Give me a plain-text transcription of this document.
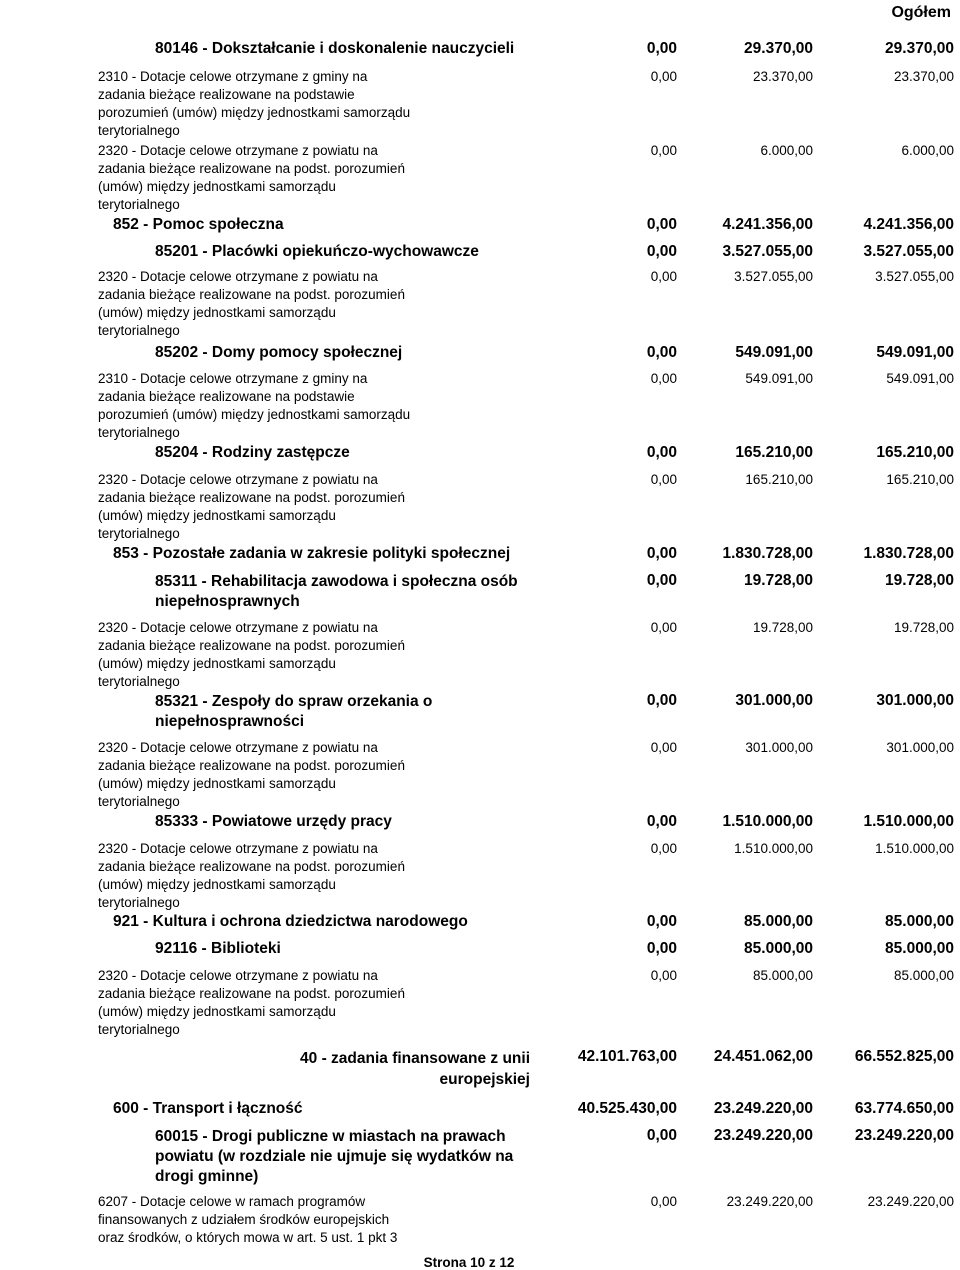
Ogółem
80146 - Dokształcanie i doskonalenie nauczycieli	0,00	29.370,00	29.370,00
2310 - Dotacje celowe otrzymane z gminy na
zadania bieżące realizowane na podstawie
porozumień (umów) między jednostkami samorządu
terytorialnego
0,00	23.370,00	23.370,00
2320 - Dotacje celowe otrzymane z powiatu na
zadania bieżące realizowane na podst. porozumień
(umów) między jednostkami samorządu
terytorialnego
0,00	6.000,00	6.000,00
852 - Pomoc społeczna	0,00	4.241.356,00	4.241.356,00
85201 - Placówki opiekuńczo-wychowawcze	0,00	3.527.055,00	3.527.055,00
2320 - Dotacje celowe otrzymane z powiatu na
zadania bieżące realizowane na podst. porozumień
(umów) między jednostkami samorządu
terytorialnego
0,00	3.527.055,00	3.527.055,00
85202 - Domy pomocy społecznej	0,00	549.091,00	549.091,00
2310 - Dotacje celowe otrzymane z gminy na
zadania bieżące realizowane na podstawie
porozumień (umów) między jednostkami samorządu
terytorialnego
0,00	549.091,00	549.091,00
85204 - Rodziny zastępcze	0,00	165.210,00	165.210,00
2320 - Dotacje celowe otrzymane z powiatu na
zadania bieżące realizowane na podst. porozumień
(umów) między jednostkami samorządu
terytorialnego
0,00	165.210,00	165.210,00
853 - Pozostałe zadania w zakresie polityki społecznej	0,00	1.830.728,00	1.830.728,00
85311 - Rehabilitacja zawodowa i społeczna osób
niepełnosprawnych
0,00	19.728,00	19.728,00
2320 - Dotacje celowe otrzymane z powiatu na
zadania bieżące realizowane na podst. porozumień
(umów) między jednostkami samorządu
terytorialnego
0,00	19.728,00	19.728,00
85321 - Zespoły do spraw orzekania o
niepełnosprawności
0,00	301.000,00	301.000,00
2320 - Dotacje celowe otrzymane z powiatu na
zadania bieżące realizowane na podst. porozumień
(umów) między jednostkami samorządu
terytorialnego
0,00	301.000,00	301.000,00
85333 - Powiatowe urzędy pracy	0,00	1.510.000,00	1.510.000,00
2320 - Dotacje celowe otrzymane z powiatu na
zadania bieżące realizowane na podst. porozumień
(umów) między jednostkami samorządu
terytorialnego
0,00	1.510.000,00	1.510.000,00
921 - Kultura i ochrona dziedzictwa narodowego	0,00	85.000,00	85.000,00
92116 - Biblioteki	0,00	85.000,00	85.000,00
2320 - Dotacje celowe otrzymane z powiatu na
zadania bieżące realizowane na podst. porozumień
(umów) między jednostkami samorządu
terytorialnego
0,00	85.000,00	85.000,00
40 - zadania finansowane z unii
europejskiej
42.101.763,00	24.451.062,00	66.552.825,00
600 - Transport i łączność	40.525.430,00	23.249.220,00	63.774.650,00
60015 - Drogi publiczne w miastach na prawach
powiatu (w rozdziale nie ujmuje się wydatków na
drogi gminne)
0,00	23.249.220,00	23.249.220,00
6207 - Dotacje celowe w ramach programów
finansowanych z udziałem środków europejskich
oraz środków, o których mowa w art. 5 ust. 1 pkt 3
0,00	23.249.220,00	23.249.220,00
Strona 10 z 12
